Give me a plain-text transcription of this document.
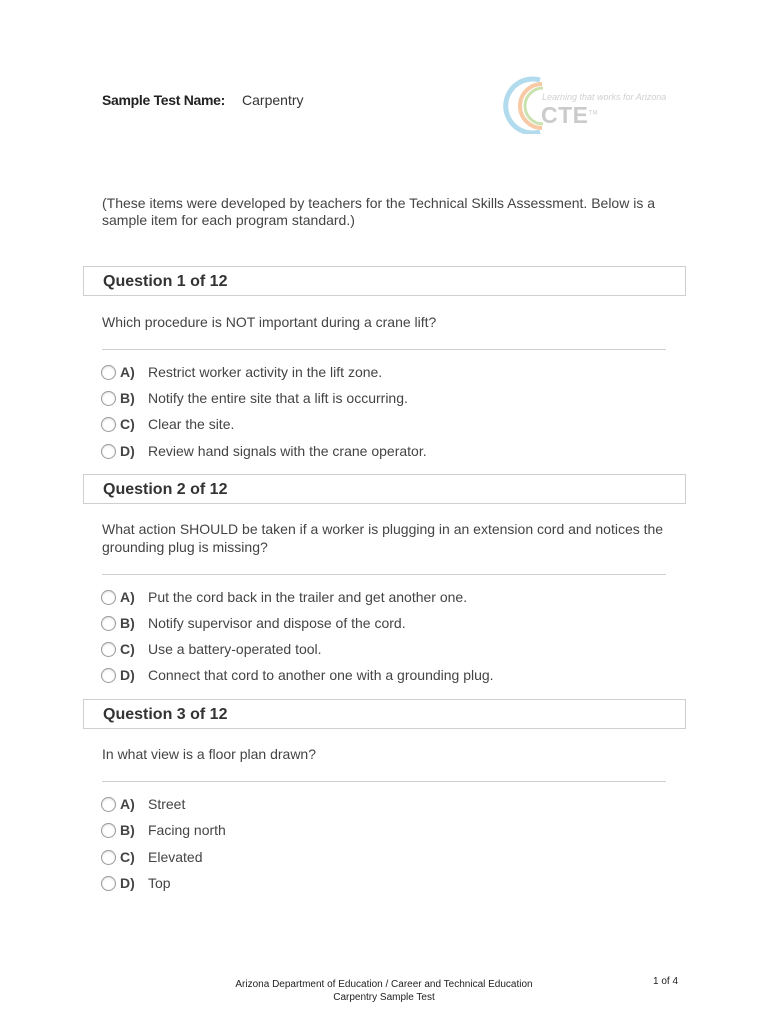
Sample Test Name: Carpentry	Learning that works for Arizona
CTE™
(These items were developed by teachers for the Technical Skills Assessment. Below is a sample item for each program standard.)
Question 1 of 12
Which procedure is NOT important during a crane lift?
A) Restrict worker activity in the lift zone.
B) Notify the entire site that a lift is occurring.
C) Clear the site.
D) Review hand signals with the crane operator.
Question 2 of 12
What action SHOULD be taken if a worker is plugging in an extension cord and notices the grounding plug is missing?
A) Put the cord back in the trailer and get another one.
B) Notify supervisor and dispose of the cord.
C) Use a battery-operated tool.
D) Connect that cord to another one with a grounding plug.
Question 3 of 12
In what view is a floor plan drawn?
A) Street
B) Facing north
C) Elevated
D) Top
Arizona Department of Education / Career and Technical Education
Carpentry Sample Test
1 of 4
